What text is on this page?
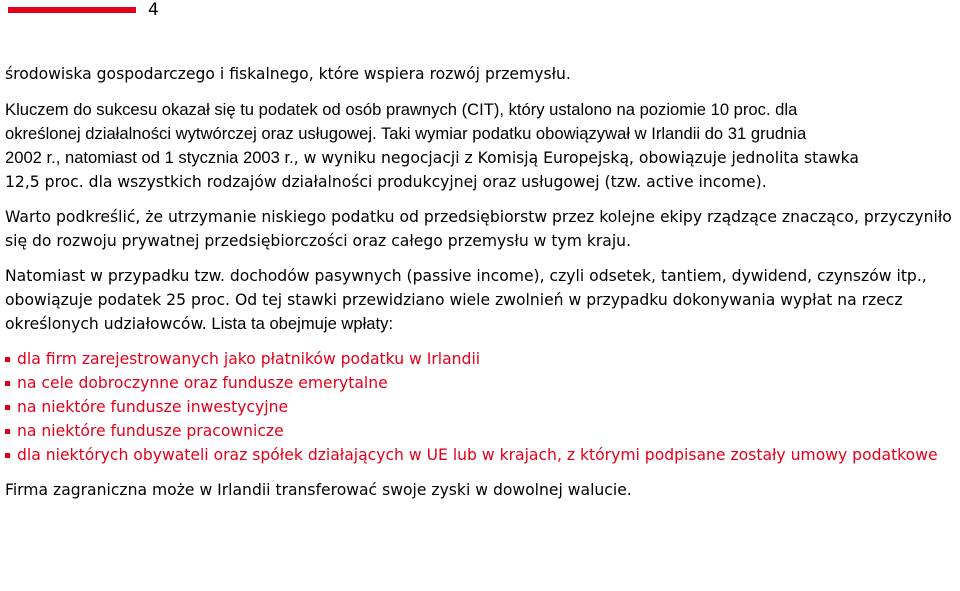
4

środowiska gospodarczego i fiskalnego, które wspiera rozwój przemysłu.

Kluczem do sukcesu okazał się tu podatek od osób prawnych (CIT), który ustalono na poziomie 10 proc. dla
określonej działalności wytwórczej oraz usługowej. Taki wymiar podatku obowiązywał w Irlandii do 31 grudnia
2002 r., natomiast od 1 stycznia 2003 r., w wyniku negocjacji z Komisją Europejską, obowiązuje jednolita stawka
12,5 proc. dla wszystkich rodzajów działalności produkcyjnej oraz usługowej (tzw. active income).

Warto podkreślić, że utrzymanie niskiego podatku od przedsiębiorstw przez kolejne ekipy rządzące znacząco, przyczyniło się do rozwoju prywatnej przedsiębiorczości oraz całego przemysłu w tym kraju.

Natomiast w przypadku tzw. dochodów pasywnych (passive income), czyli odsetek, tantiem, dywidend, czynszów itp., obowiązuje podatek 25 proc. Od tej stawki przewidziano wiele zwolnień w przypadku dokonywania wypłat na rzecz określonych udziałowców. Lista ta obejmuje wpłaty:

dla firm zarejestrowanych jako płatników podatku w Irlandii
na cele dobroczynne oraz fundusze emerytalne
na niektóre fundusze inwestycyjne
na niektóre fundusze pracownicze
dla niektórych obywateli oraz spółek działających w UE lub w krajach, z którymi podpisane zostały umowy podatkowe

Firma zagraniczna może w Irlandii transferować swoje zyski w dowolnej walucie.
